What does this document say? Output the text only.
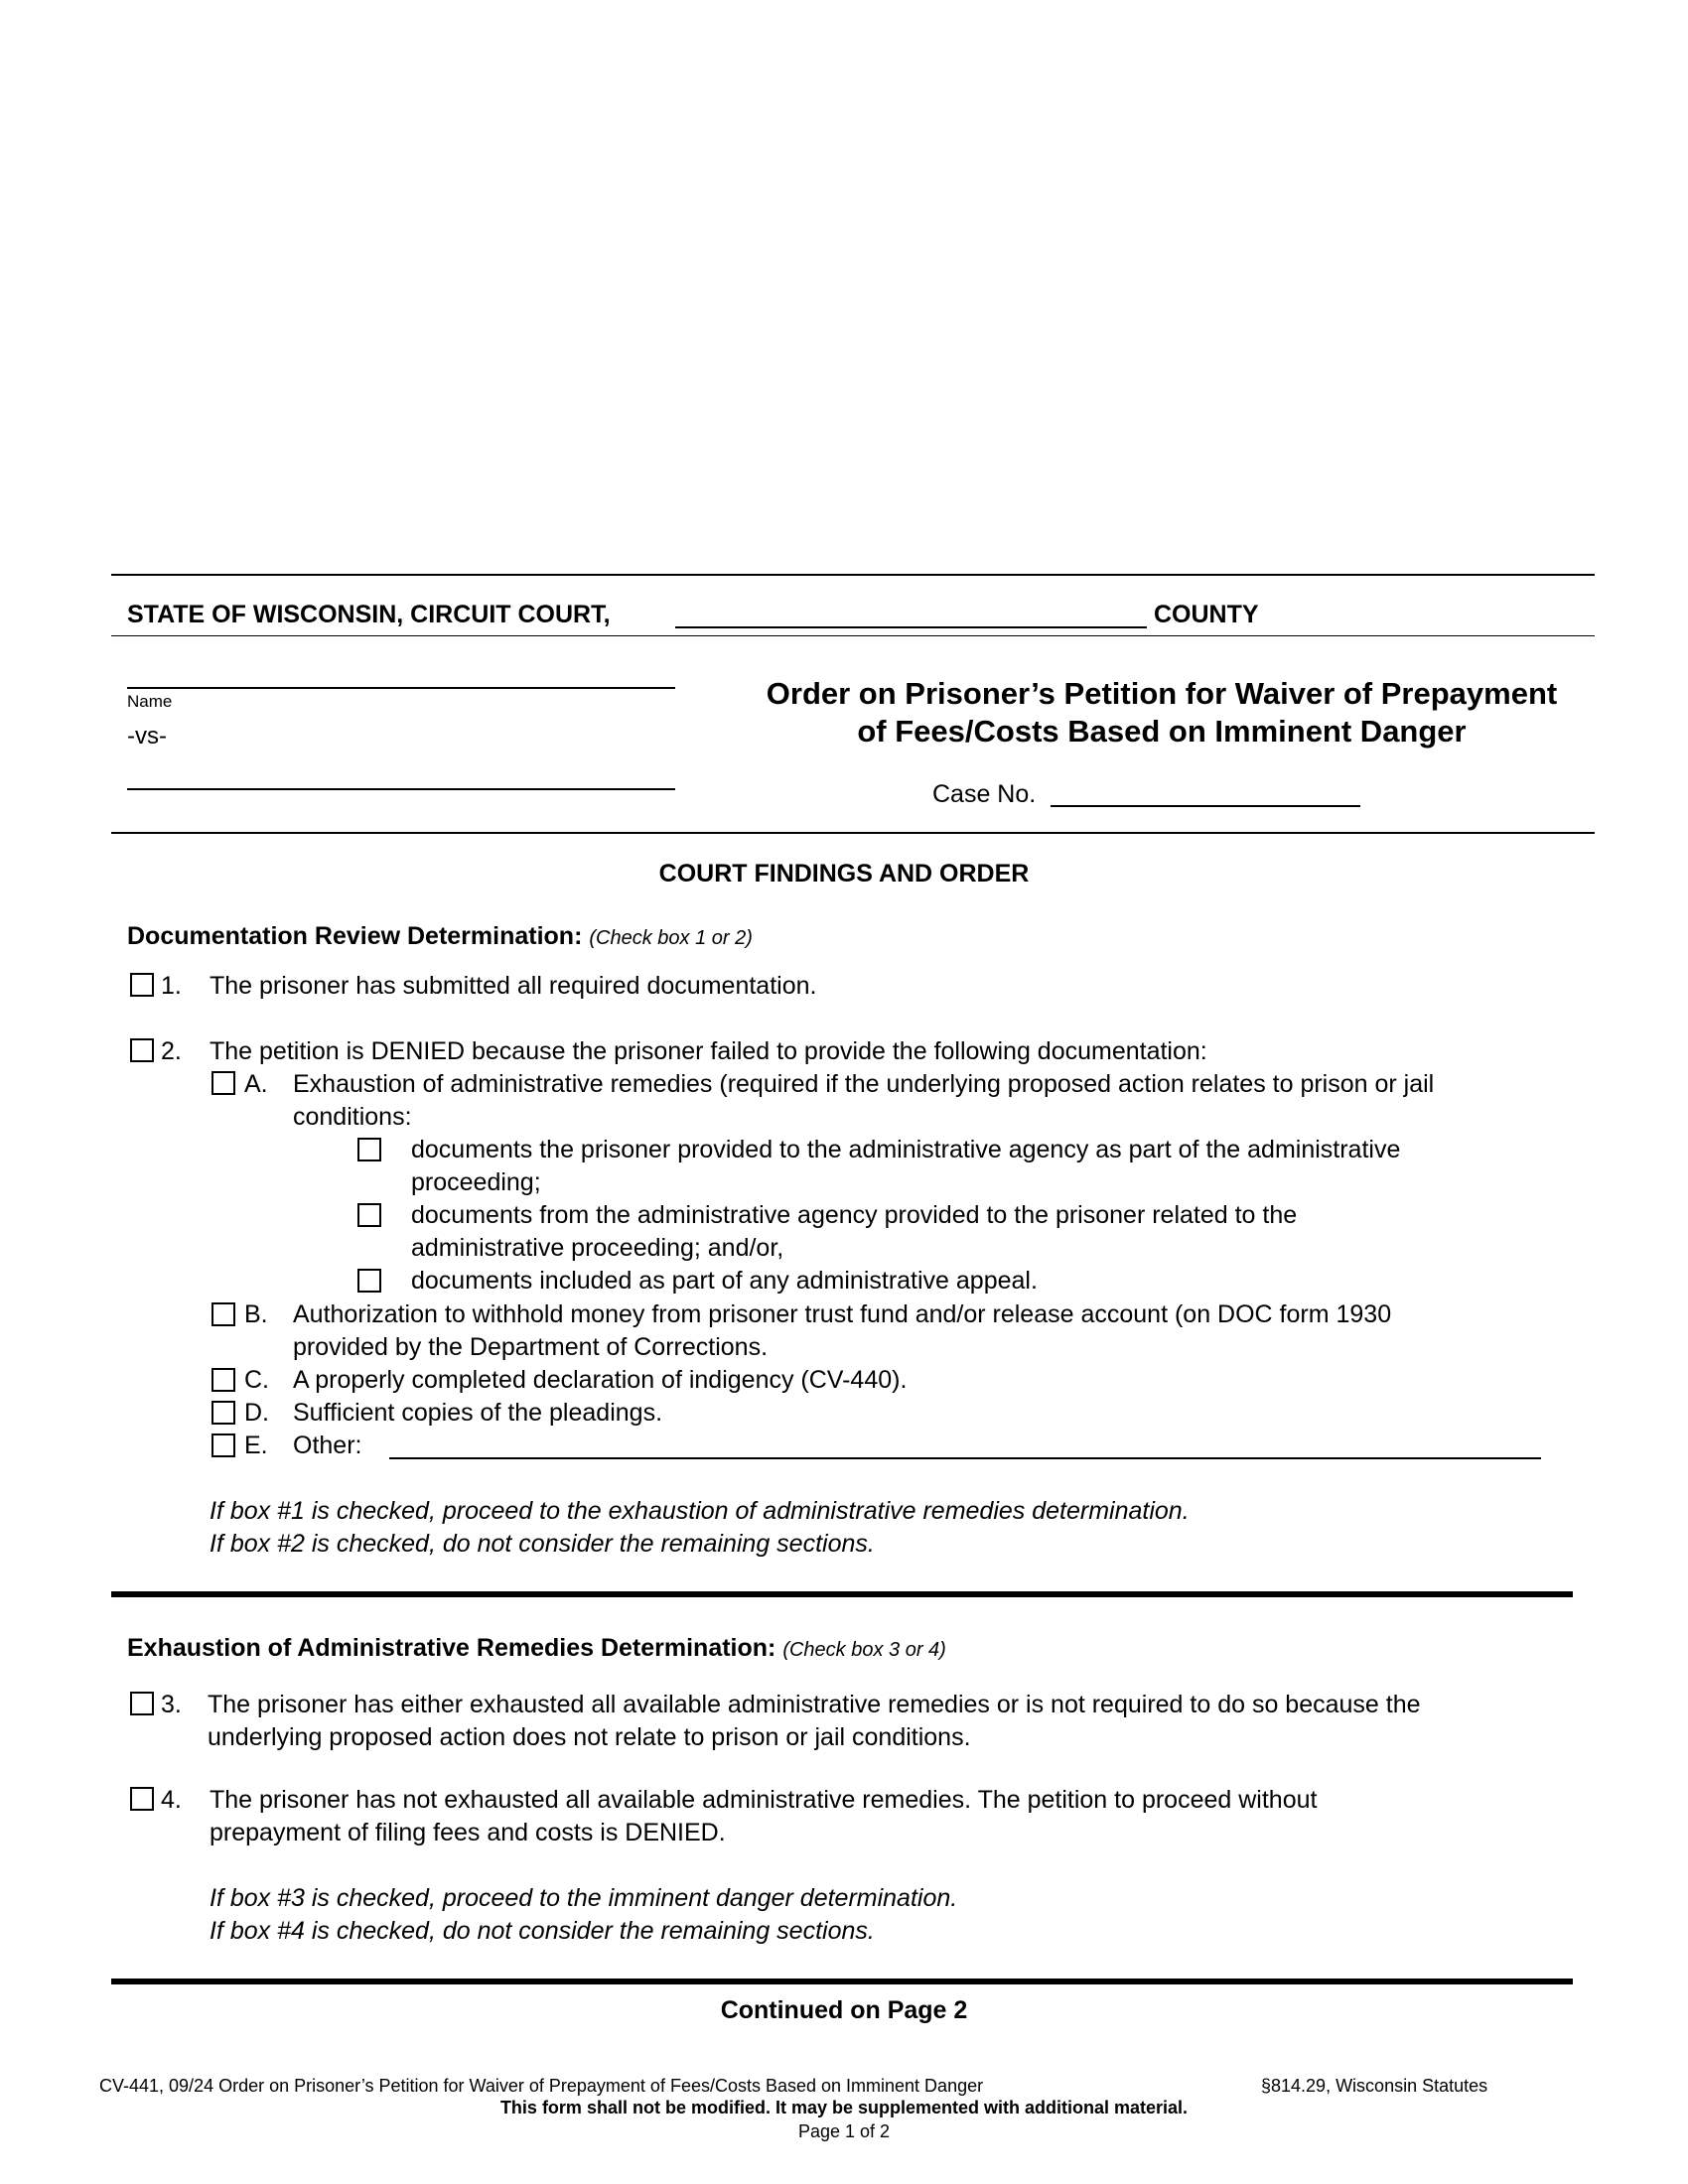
STATE OF WISCONSIN, CIRCUIT COURT,	COUNTY
Name
-vs-
Order on Prisoner’s Petition for Waiver of Prepayment
of Fees/Costs Based on Imminent Danger
Case No.
COURT FINDINGS AND ORDER
Documentation Review Determination: (Check box 1 or 2)
1. The prisoner has submitted all required documentation.
2. The petition is DENIED because the prisoner failed to provide the following documentation:
A. Exhaustion of administrative remedies (required if the underlying proposed action relates to prison or jail
conditions:
documents the prisoner provided to the administrative agency as part of the administrative
proceeding;
documents from the administrative agency provided to the prisoner related to the
administrative proceeding; and/or,
documents included as part of any administrative appeal.
B. Authorization to withhold money from prisoner trust fund and/or release account (on DOC form 1930
provided by the Department of Corrections.
C. A properly completed declaration of indigency (CV-440).
D. Sufficient copies of the pleadings.
E. Other:
If box #1 is checked, proceed to the exhaustion of administrative remedies determination.
If box #2 is checked, do not consider the remaining sections.
Exhaustion of Administrative Remedies Determination: (Check box 3 or 4)
3. The prisoner has either exhausted all available administrative remedies or is not required to do so because the
underlying proposed action does not relate to prison or jail conditions.
4. The prisoner has not exhausted all available administrative remedies. The petition to proceed without
prepayment of filing fees and costs is DENIED.
If box #3 is checked, proceed to the imminent danger determination.
If box #4 is checked, do not consider the remaining sections.
Continued on Page 2
CV-441, 09/24 Order on Prisoner’s Petition for Waiver of Prepayment of Fees/Costs Based on Imminent Danger	§814.29, Wisconsin Statutes
This form shall not be modified. It may be supplemented with additional material.
Page 1 of 2
